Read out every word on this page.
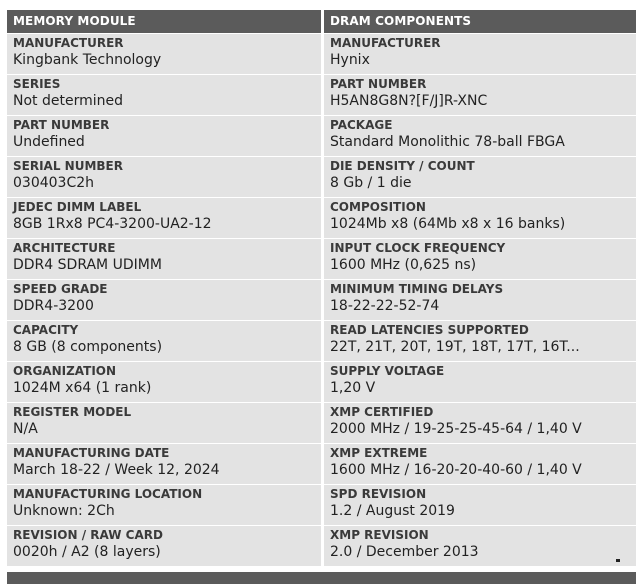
MEMORY MODULE
MANUFACTURER
Kingbank Technology
SERIES
Not determined
PART NUMBER
Undefined
SERIAL NUMBER
030403C2h
JEDEC DIMM LABEL
8GB 1Rx8 PC4-3200-UA2-12
ARCHITECTURE
DDR4 SDRAM UDIMM
SPEED GRADE
DDR4-3200
CAPACITY
8 GB (8 components)
ORGANIZATION
1024M x64 (1 rank)
REGISTER MODEL
N/A
MANUFACTURING DATE
March 18-22 / Week 12, 2024
MANUFACTURING LOCATION
Unknown: 2Ch
REVISION / RAW CARD
0020h / A2 (8 layers)
DRAM COMPONENTS
MANUFACTURER
Hynix
PART NUMBER
H5AN8G8N?[F/J]R-XNC
PACKAGE
Standard Monolithic 78-ball FBGA
DIE DENSITY / COUNT
8 Gb / 1 die
COMPOSITION
1024Mb x8 (64Mb x8 x 16 banks)
INPUT CLOCK FREQUENCY
1600 MHz (0,625 ns)
MINIMUM TIMING DELAYS
18-22-22-52-74
READ LATENCIES SUPPORTED
22T, 21T, 20T, 19T, 18T, 17T, 16T...
SUPPLY VOLTAGE
1,20 V
XMP CERTIFIED
2000 MHz / 19-25-25-45-64 / 1,40 V
XMP EXTREME
1600 MHz / 16-20-20-40-60 / 1,40 V
SPD REVISION
1.2 / August 2019
XMP REVISION
2.0 / December 2013
